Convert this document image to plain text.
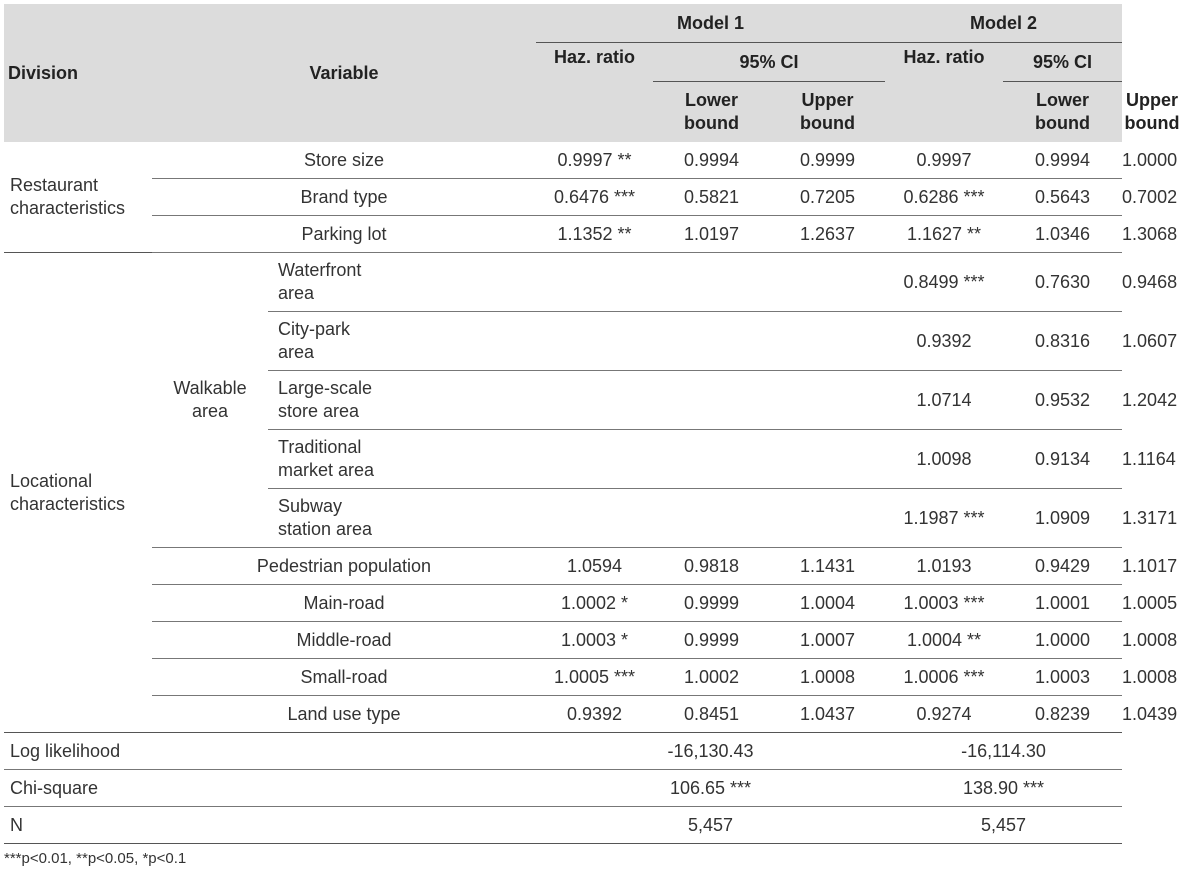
Division	Variable		Model 1			Model 2		
			Haz. ratio	95% CI		Haz. ratio	95% CI	
				Lower bound	Upper bound		Lower bound	Upper bound
Restaurant characteristics	Store size		0.9997 **	0.9994	0.9999	0.9997	0.9994	1.0000
	Brand type		0.6476 ***	0.5821	0.7205	0.6286 ***	0.5643	0.7002
	Parking lot		1.1352 **	1.0197	1.2637	1.1627 **	1.0346	1.3068
Locational characteristics	Walkable area	Waterfront area				0.8499 ***	0.7630	0.9468
		City-park area				0.9392	0.8316	1.0607
		Large-scale store area				1.0714	0.9532	1.2042
		Traditional market area				1.0098	0.9134	1.1164
		Subway station area				1.1987 ***	1.0909	1.3171
	Pedestrian population		1.0594	0.9818	1.1431	1.0193	0.9429	1.1017
	Main-road		1.0002 *	0.9999	1.0004	1.0003 ***	1.0001	1.0005
	Middle-road		1.0003 *	0.9999	1.0007	1.0004 **	1.0000	1.0008
	Small-road		1.0005 ***	1.0002	1.0008	1.0006 ***	1.0003	1.0008
	Land use type		0.9392	0.8451	1.0437	0.9274	0.8239	1.0439
Log likelihood			-16,130.43			-16,114.30		
Chi-square			106.65 ***			138.90 ***		
N			5,457			5,457		
***p<0.01, **p<0.05, *p<0.1
